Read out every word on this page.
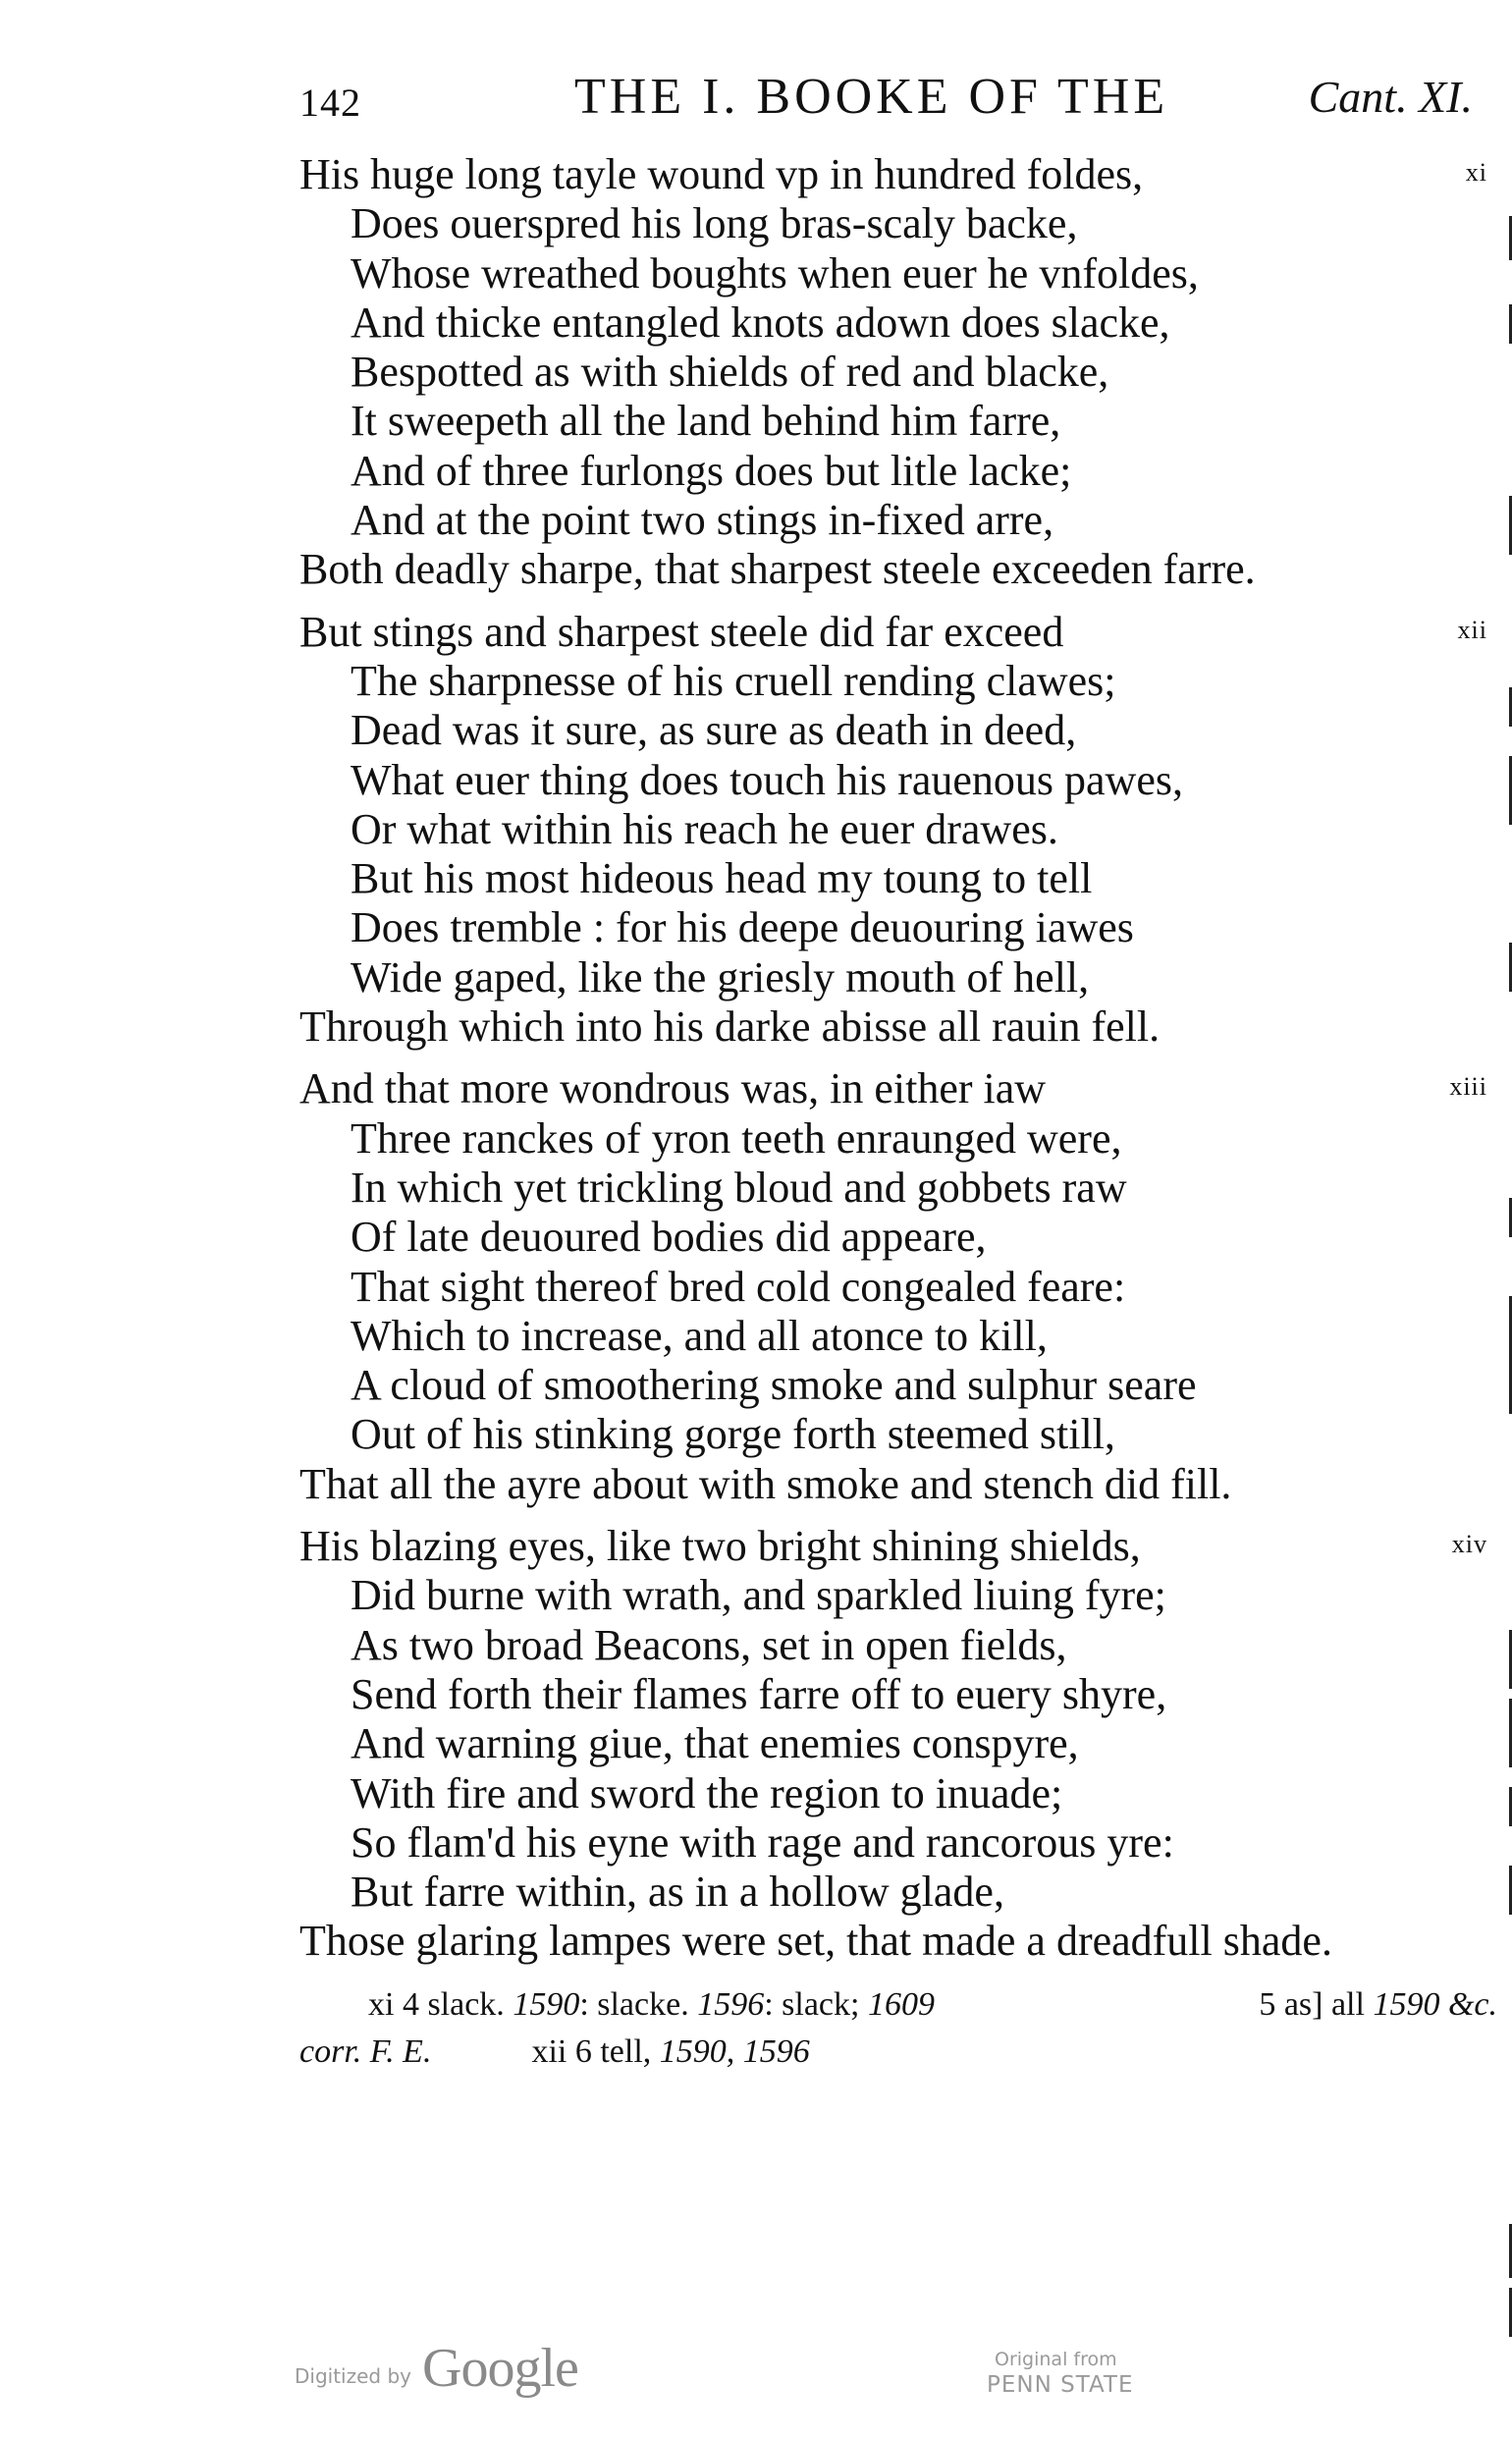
142	THE I. BOOKE OF THE	Cant. XI.
xi
His huge long tayle wound vp in hundred foldes,
Does ouerspred his long bras-scaly backe,
Whose wreathed boughts when euer he vnfoldes,
And thicke entangled knots adown does slacke,
Bespotted as with shields of red and blacke,
It sweepeth all the land behind him farre,
And of three furlongs does but litle lacke;
And at the point two stings in-fixed arre,
Both deadly sharpe, that sharpest steele exceeden farre.
xii
But stings and sharpest steele did far exceed
The sharpnesse of his cruell rending clawes;
Dead was it sure, as sure as death in deed,
What euer thing does touch his rauenous pawes,
Or what within his reach he euer drawes.
But his most hideous head my toung to tell
Does tremble : for his deepe deuouring iawes
Wide gaped, like the griesly mouth of hell,
Through which into his darke abisse all rauin fell.
xiii
And that more wondrous was, in either iaw
Three ranckes of yron teeth enraunged were,
In which yet trickling bloud and gobbets raw
Of late deuoured bodies did appeare,
That sight thereof bred cold congealed feare:
Which to increase, and all atonce to kill,
A cloud of smoothering smoke and sulphur seare
Out of his stinking gorge forth steemed still,
That all the ayre about with smoke and stench did fill.
xiv
His blazing eyes, like two bright shining shields,
Did burne with wrath, and sparkled liuing fyre;
As two broad Beacons, set in open fields,
Send forth their flames farre off to euery shyre,
And warning giue, that enemies conspyre,
With fire and sword the region to inuade;
So flam'd his eyne with rage and rancorous yre:
But farre within, as in a hollow glade,
Those glaring lampes were set, that made a dreadfull shade.
xi 4 slack. 1590: slacke. 1596: slack; 1609	5 as] all 1590 &c.
corr. F. E.	xii 6 tell, 1590, 1596
Digitized by Google	Original from
PENN STATE
